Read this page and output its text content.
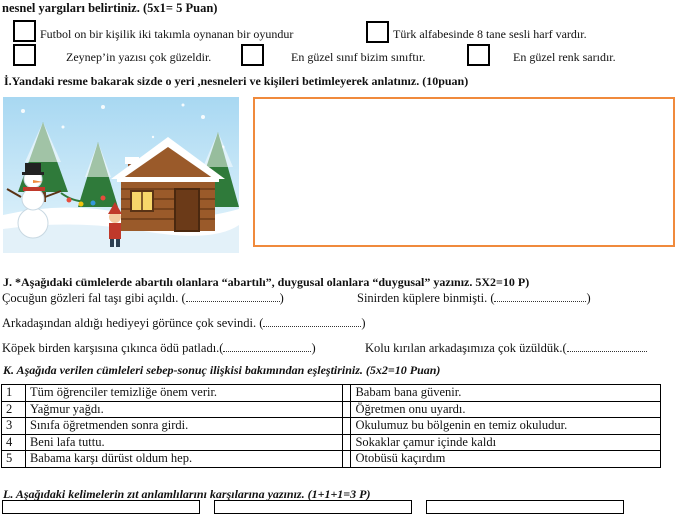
nesnel yargıları belirtiniz. (5x1= 5 Puan)
Futbol on bir kişilik iki takımla oynanan bir oyundur	Türk alfabesinde 8 tane sesli harf vardır.
Zeynep’in yazısı çok güzeldir.	En güzel sınıf bizim sınıftır.	En güzel renk sarıdır.
İ.Yandaki resme bakarak sizde o yeri ,nesneleri ve kişileri betimleyerek anlatınız. (10puan)
J. *Aşağıdaki cümlelerde abartılı olanlara “abartılı”, duygusal olanlara “duygusal” yazınız. 5X2=10 P)
Çocuğun gözleri fal taşı gibi açıldı. (	)	Sinirden küplere binmişti. (	)
Arkadaşından aldığı hediyeyi görünce çok sevindi. (	)
Köpek birden karşısına çıkınca ödü patladı.(	)	Kolu kırılan arkadaşımıza çok üzüldük.(
K. Aşağıda verilen cümleleri sebep-sonuç ilişkisi bakımından eşleştiriniz. (5x2=10 Puan)
1	Tüm öğrenciler temizliğe önem verir.		Babam bana güvenir.
2	Yağmur yağdı.		Öğretmen onu uyardı.
3	Sınıfa öğretmenden sonra girdi.		Okulumuz bu bölgenin en temiz okuludur.
4	Beni lafa tuttu.		Sokaklar çamur içinde kaldı
5	Babama karşı dürüst oldum hep.		Otobüsü kaçırdım
L. Aşağıdaki kelimelerin zıt anlamlılarını karşılarına yazınız. (1+1+1=3 P)
